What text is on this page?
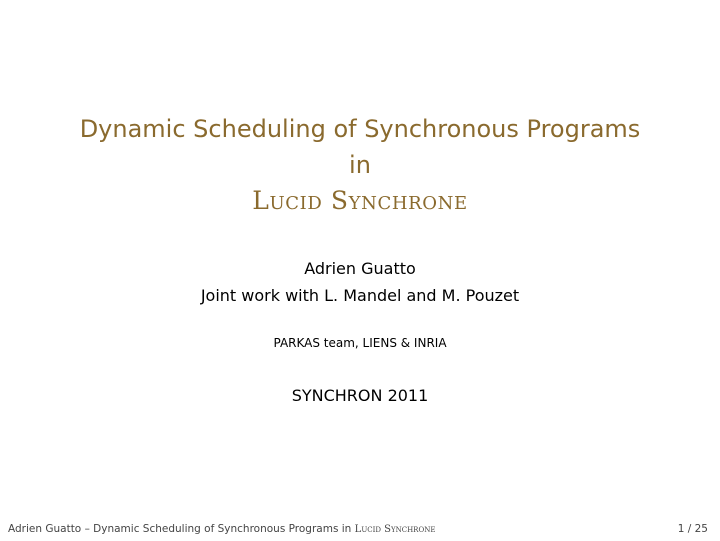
Dynamic Scheduling of Synchronous Programs
in
Lucid Synchrone
Adrien Guatto
Joint work with L. Mandel and M. Pouzet
PARKAS team, LIENS & INRIA
SYNCHRON 2011
Adrien Guatto – Dynamic Scheduling of Synchronous Programs in Lucid Synchrone	1 / 25
